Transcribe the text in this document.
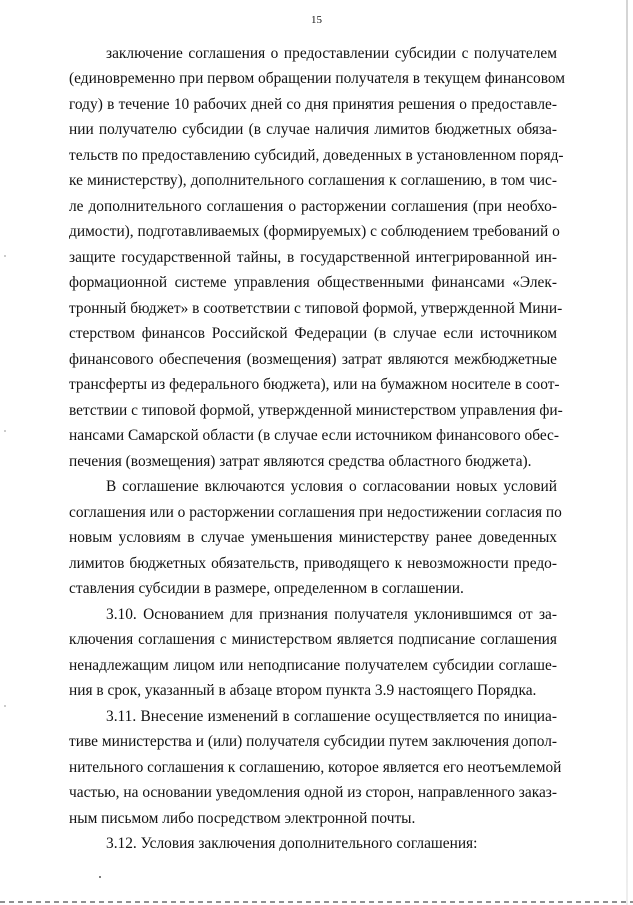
15
заключение соглашения о предоставлении субсидии с получателем
(единовременно при первом обращении получателя в текущем финансовом
году) в течение 10 рабочих дней со дня принятия решения о предоставле-
нии получателю субсидии (в случае наличия лимитов бюджетных обяза-
тельств по предоставлению субсидий, доведенных в установленном поряд-
ке министерству), дополнительного соглашения к соглашению, в том чис-
ле дополнительного соглашения о расторжении соглашения (при необхо-
димости), подготавливаемых (формируемых) с соблюдением требований о
защите государственной тайны, в государственной интегрированной ин-
формационной системе управления общественными финансами «Элек-
тронный бюджет» в соответствии с типовой формой, утвержденной Мини-
стерством финансов Российской Федерации (в случае если источником
финансового обеспечения (возмещения) затрат являются межбюджетные
трансферты из федерального бюджета), или на бумажном носителе в соот-
ветствии с типовой формой, утвержденной министерством управления фи-
нансами Самарской области (в случае если источником финансового обес-
печения (возмещения) затрат являются средства областного бюджета).
В соглашение включаются условия о согласовании новых условий
соглашения или о расторжении соглашения при недостижении согласия по
новым условиям в случае уменьшения министерству ранее доведенных
лимитов бюджетных обязательств, приводящего к невозможности предо-
ставления субсидии в размере, определенном в соглашении.
3.10. Основанием для признания получателя уклонившимся от за-
ключения соглашения с министерством является подписание соглашения
ненадлежащим лицом или неподписание получателем субсидии соглаше-
ния в срок, указанный в абзаце втором пункта 3.9 настоящего Порядка.
3.11. Внесение изменений в соглашение осуществляется по инициа-
тиве министерства и (или) получателя субсидии путем заключения допол-
нительного соглашения к соглашению, которое является его неотъемлемой
частью, на основании уведомления одной из сторон, направленного заказ-
ным письмом либо посредством электронной почты.
3.12. Условия заключения дополнительного соглашения:
